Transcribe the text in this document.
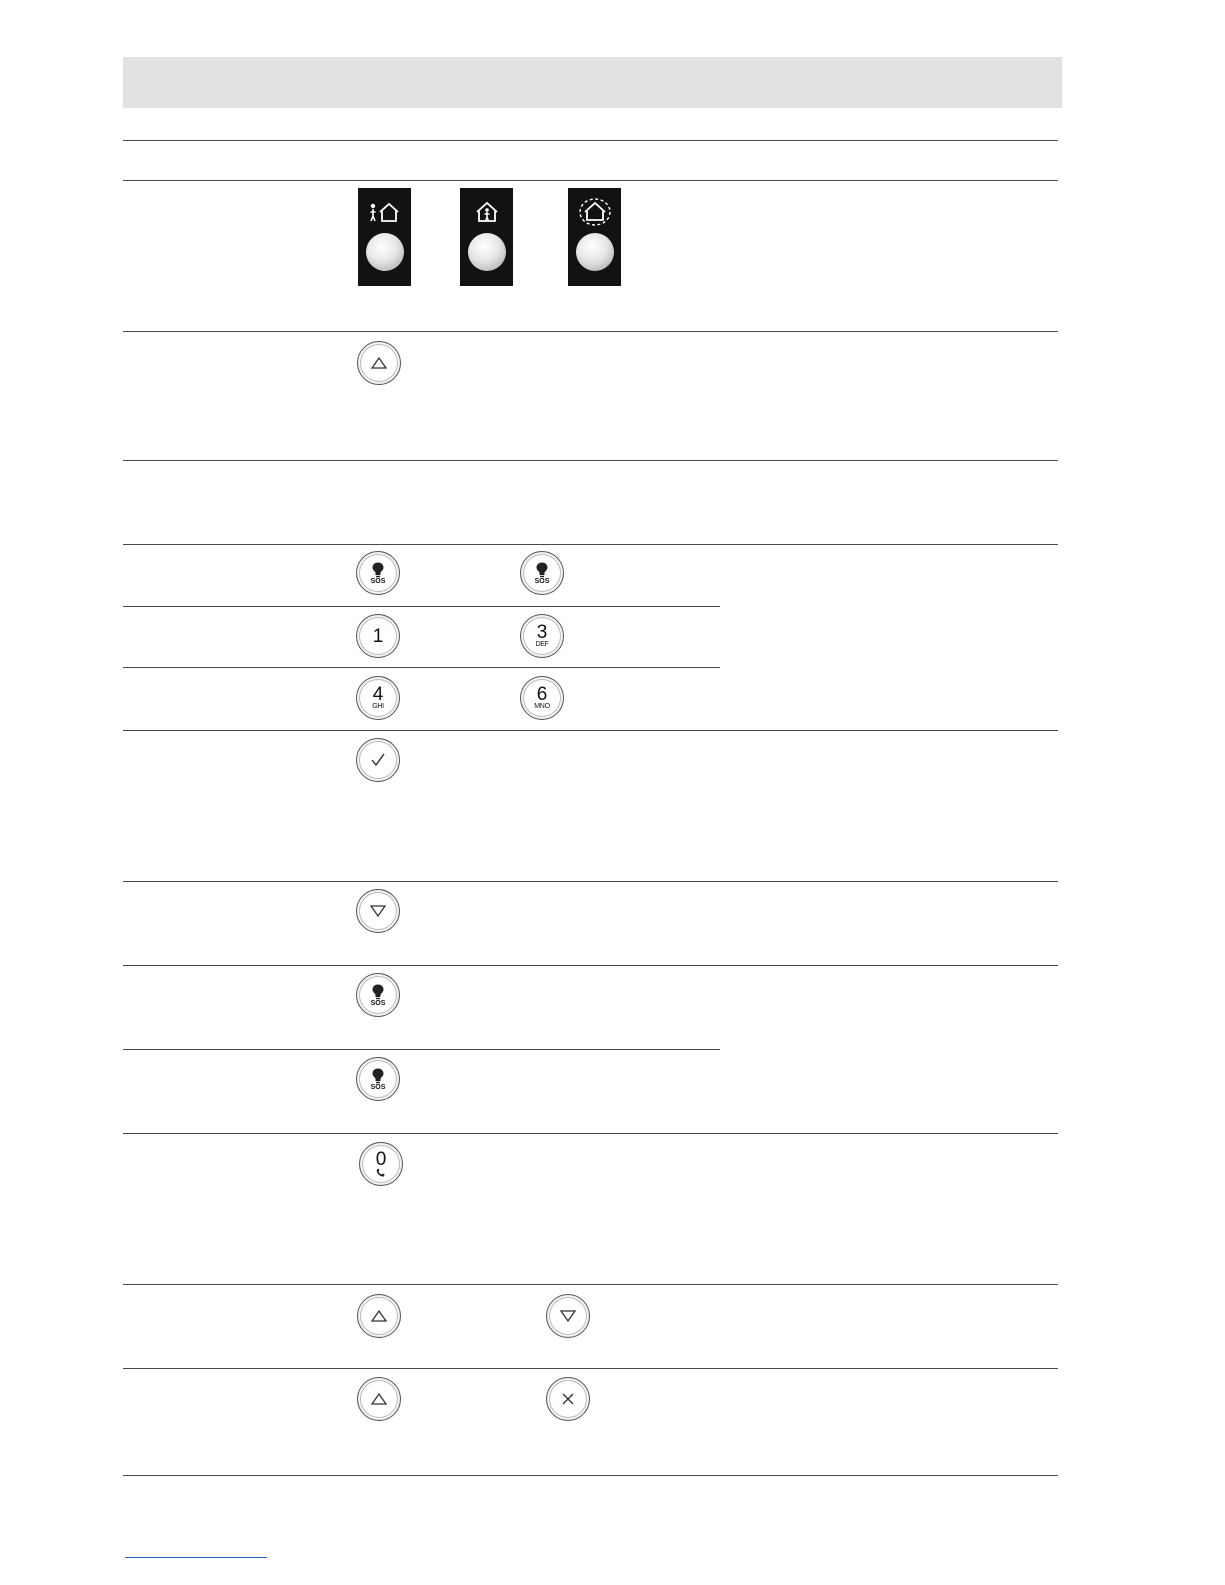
SOS	SOS
1	3
DEF
4
GHI
6
MNO
SOS
SOS
0
